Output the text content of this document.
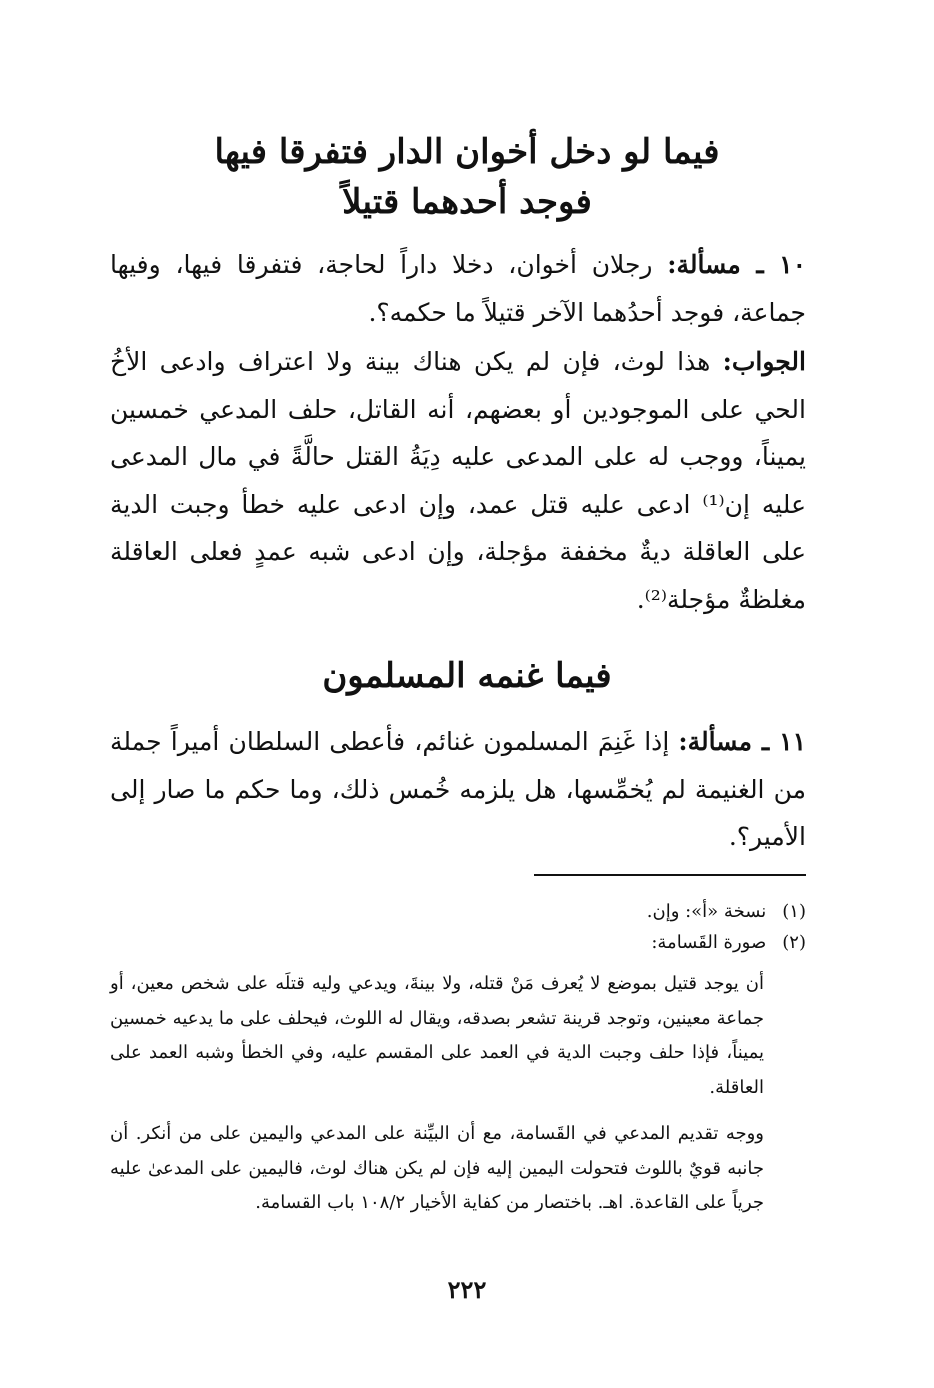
فيما لو دخل أخوان الدار فتفرقا فيها
فوجد أحدهما قتيلاً

١٠ ـ مسألة: رجلان أخوان، دخلا داراً لحاجة، فتفرقا فيها، وفيها جماعة، فوجد أحدُهما الآخر قتيلاً ما حكمه؟.

الجواب: هذا لوث، فإن لم يكن هناك بينة ولا اعتراف وادعى الأخُ الحي على الموجودين أو بعضهم، أنه القاتل، حلف المدعي خمسين يميناً، ووجب له على المدعى عليه دِيَةُ القتل حالَّةً في مال المدعى عليه إن⁽¹⁾ ادعى عليه قتل عمد، وإن ادعى عليه خطأ وجبت الدية على العاقلة ديةٌ مخففة مؤجلة، وإن ادعى شبه عمدٍ فعلى العاقلة مغلظةٌ مؤجلة⁽²⁾.

فيما غنمه المسلمون

١١ ـ مسألة: إذا غَنِمَ المسلمون غنائم، فأعطى السلطان أميراً جملة من الغنيمة لم يُخمِّسها، هل يلزمه خُمس ذلك، وما حكم ما صار إلى الأمير؟.

(١) نسخة «أ»: وإن.

(٢) صورة القَسامة:

أن يوجد قتيل بموضع لا يُعرف مَنْ قتله، ولا بينةَ، ويدعي وليه قتلَه على شخص معين، أو جماعة معينين، وتوجد قرينة تشعر بصدقه، ويقال له اللوث، فيحلف على ما يدعيه خمسين يميناً، فإذا حلف وجبت الدية في العمد على المقسم عليه، وفي الخطأ وشبه العمد على العاقلة.

ووجه تقديم المدعي في القَسامة، مع أن البيِّنة على المدعي واليمين على من أنكر. أن جانبه قويٌ باللوث فتحولت اليمين إليه فإن لم يكن هناك لوث، فاليمين على المدعىٰ عليه جرياً على القاعدة. اهـ. باختصار من كفاية الأخيار ١٠٨/٢ باب القسامة.

٢٢٢
